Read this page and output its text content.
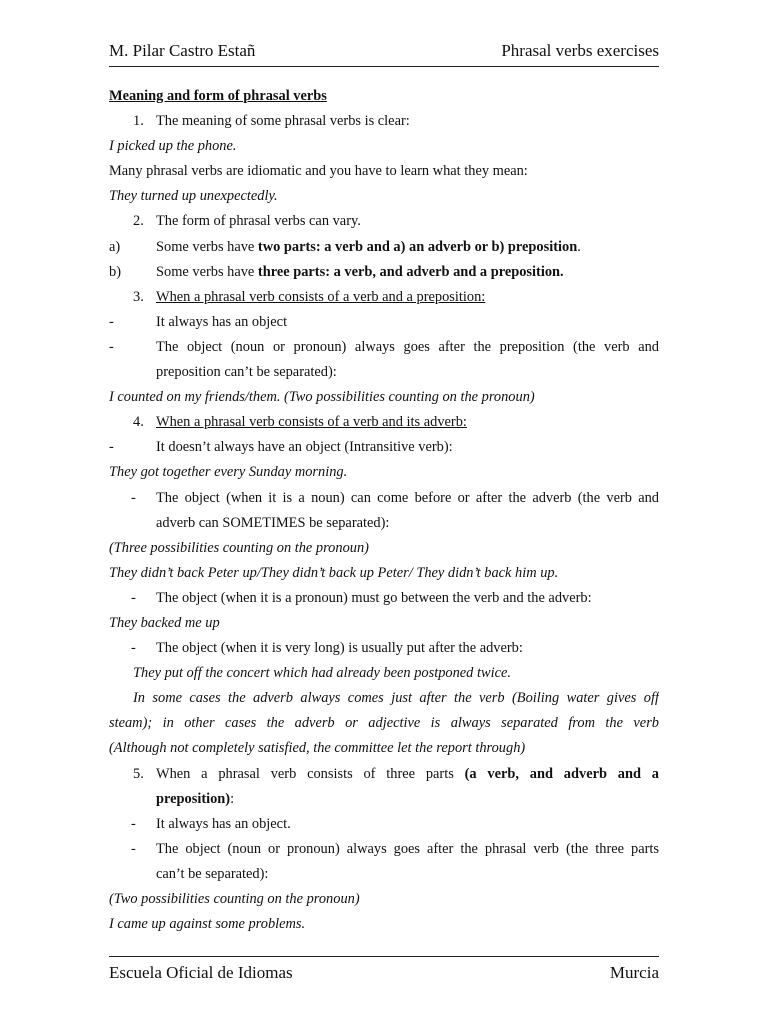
M. Pilar Castro Estañ	Phrasal verbs exercises
Meaning and form of phrasal verbs
1. The meaning of some phrasal verbs is clear:
I picked up the phone.
Many phrasal verbs are idiomatic and you have to learn what they mean:
They turned up unexpectedly.
2. The form of phrasal verbs can vary.
a) Some verbs have two parts: a verb and a) an adverb or b) preposition.
b) Some verbs have three parts: a verb, and adverb and a preposition.
3. When a phrasal verb consists of a verb and a preposition:
-	It always has an object
-	The object (noun or pronoun) always goes after the preposition (the verb and
preposition can’t be separated):
I counted on my friends/them. (Two possibilities counting on the pronoun)
4. When a phrasal verb consists of a verb and its adverb:
-	It doesn’t always have an object (Intransitive verb):
They got together every Sunday morning.
- The object (when it is a noun) can come before or after the adverb (the verb and
adverb can SOMETIMES be separated):
(Three possibilities counting on the pronoun)
They didn’t back Peter up/They didn’t back up Peter/ They didn’t back him up.
- The object (when it is a pronoun) must go between the verb and the adverb:
They backed me up
- The object (when it is very long) is usually put after the adverb:
They put off the concert which had already been postponed twice.
In some cases the adverb always comes just after the verb (Boiling water gives off
steam); in other cases the adverb or adjective is always separated from the verb
(Although not completely satisfied, the committee let the report through)
5. When a phrasal verb consists of three parts (a verb, and adverb and a
preposition):
- It always has an object.
- The object (noun or pronoun) always goes after the phrasal verb (the three parts
can’t be separated):
(Two possibilities counting on the pronoun)
I came up against some problems.
Escuela Oficial de Idiomas	Murcia
